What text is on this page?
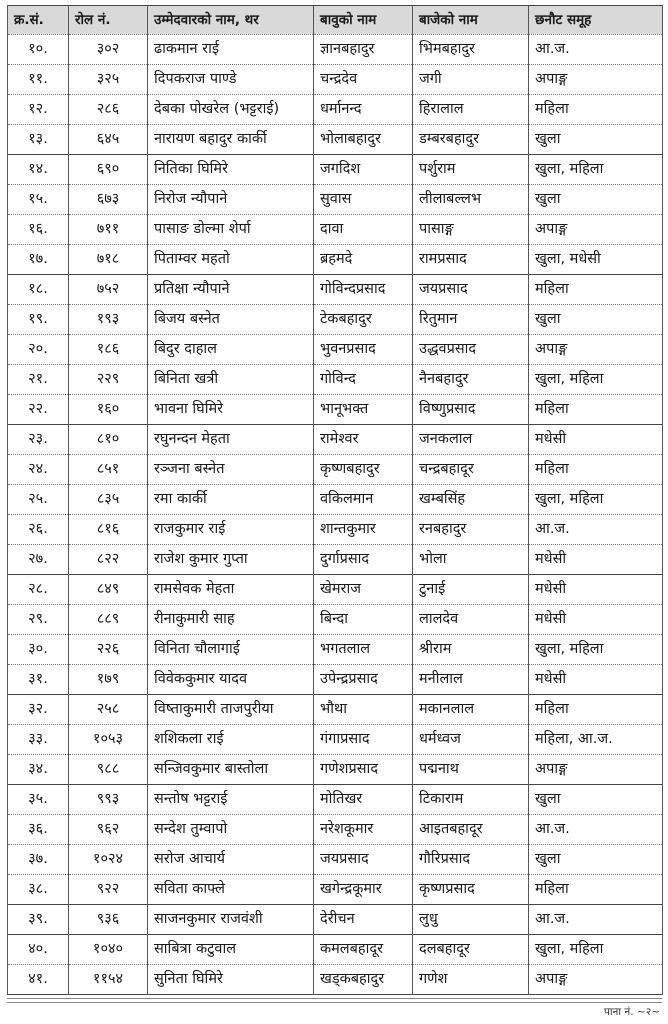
क्र.सं.	रोल नं.	उम्मेदवारको नाम, थर	बावुको नाम	बाजेको नाम	छनौट समूह
१०.	३०२	ढाकमान राई	ज्ञानबहादुर	भिमबहादुर	आ.ज.
११.	३२५	दिपकराज पाण्डे	चन्द्रदेव	जगी	अपाङ्ग
१२.	२८६	देबका पोखरेल (भट्टराई)	धर्मानन्द	हिरालाल	महिला
१३.	६४५	नारायण बहादुर कार्की	भोलाबहादुर	डम्बरबहादुर	खुला
१४.	६९०	नितिका घिमिरे	जगदिश	पर्शुराम	खुला, महिला
१५.	६७३	निरोज न्यौपाने	सुवास	लीलाबल्लभ	खुला
१६.	७११	पासाङ डोल्मा शेर्पा	दावा	पासाङ्ग	अपाङ्ग
१७.	७१८	पिताम्वर महतो	ब्रहमदे	रामप्रसाद	खुला, मधेसी
१८.	७५२	प्रतिक्षा न्यौपाने	गोविन्दप्रसाद	जयप्रसाद	महिला
१९.	१९३	बिजय बस्नेत	टेकबहादुर	रितुमान	खुला
२०.	१८६	बिदुर दाहाल	भुवनप्रसाद	उद्धवप्रसाद	अपाङ्ग
२१.	२२९	बिनिता खत्री	गोविन्द	नैनबहादुर	खुला, महिला
२२.	१६०	भावना घिमिरे	भानूभक्त	विष्णुप्रसाद	महिला
२३.	८१०	रघुनन्दन मेहता	रामेश्वर	जनकलाल	मधेसी
२४.	८५१	रञ्जना बस्नेत	कृष्णबहादुर	चन्द्रबहादूर	महिला
२५.	८३५	रमा कार्की	वकिलमान	खम्बसिंह	खुला, महिला
२६.	८१६	राजकुमार राई	शान्तकुमार	रनबहादुर	आ.ज.
२७.	८२२	राजेश कुमार गुप्ता	दुर्गाप्रसाद	भोला	मधेसी
२८.	८४९	रामसेवक मेहता	खेमराज	टुनाई	मधेसी
२९.	८८९	रीनाकुमारी साह	बिन्दा	लालदेव	मधेसी
३०.	२२६	विनिता चौलागाई	भगतलाल	श्रीराम	खुला, महिला
३१.	१७९	विवेककुमार यादव	उपेन्द्रप्रसाद	मनीलाल	मधेसी
३२.	२५८	विष्ताकुमारी ताजपुरीया	भौथा	मकानलाल	महिला
३३.	१०५३	शशिकला राई	गंगाप्रसाद	धर्मध्वज	महिला, आ.ज.
३४.	९८८	सन्जिवकुमार बास्तोला	गणेशप्रसाद	पद्मनाथ	अपाङ्ग
३५.	९९३	सन्तोष भट्टराई	मोतिखर	टिकाराम	खुला
३६.	९६२	सन्देश तुम्वापो	नरेशकूमार	आइतबहादूर	आ.ज.
३७.	१०२४	सरोज आचार्य	जयप्रसाद	गौरिप्रसाद	खुला
३८.	९२२	सविता काफ्ले	खगेन्द्रकूमार	कृष्णप्रसाद	महिला
३९.	९३६	साजनकुमार राजवंशी	देरीचन	लुधु	आ.ज.
४०.	१०४०	साबित्रा कटुवाल	कमलबहादूर	दलबहादूर	खुला, महिला
४१.	११५४	सुनिता घिमिरे	खड्कबहादुर	गणेश	अपाङ्ग
पाना नं. ~२~
